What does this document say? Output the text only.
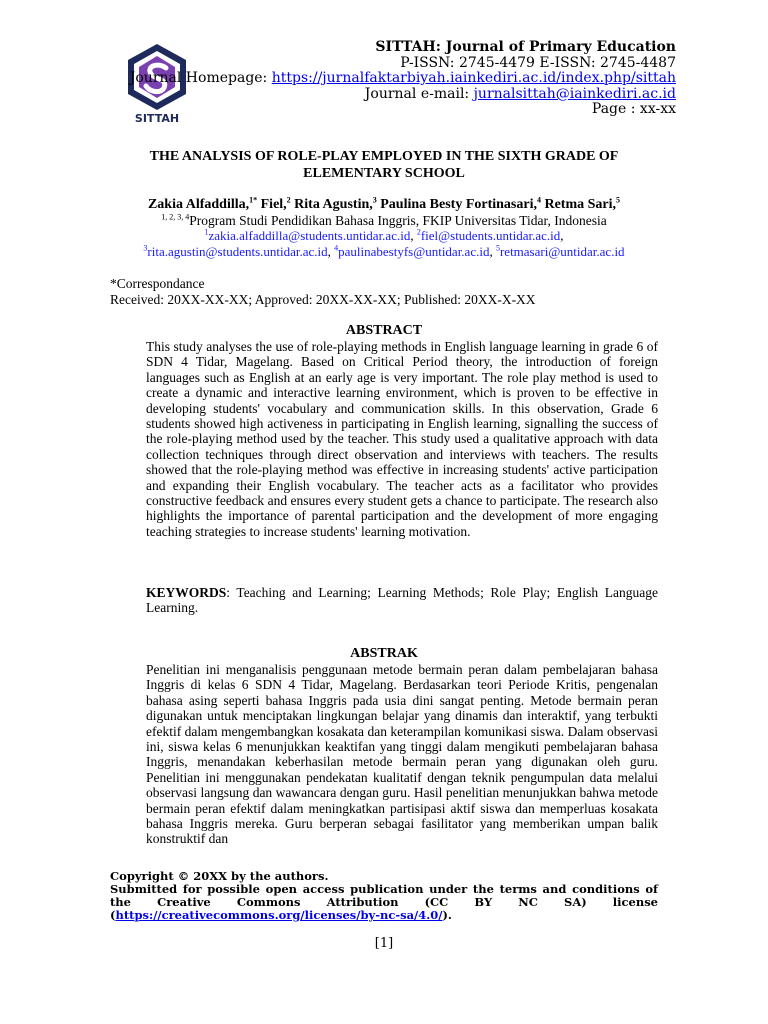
SITTAH
SITTAH: Journal of Primary Education
P-ISSN: 2745-4479 E-ISSN: 2745-4487
Journal Homepage: https://jurnalfaktarbiyah.iainkediri.ac.id/index.php/sittah
Journal e-mail: jurnalsittah@iainkediri.ac.id
Page : xx-xx
THE ANALYSIS OF ROLE-PLAY EMPLOYED IN THE SIXTH GRADE OF
ELEMENTARY SCHOOL
Zakia Alfaddilla,$^{1*}$ Fiel,$^2$ Rita Agustin,$^3$ Paulina Besty Fortinasari,$^4$ Retma Sari,$^5$
$^{1, 2, 3, 4}$Program Studi Pendidikan Bahasa Inggris, FKIP Universitas Tidar, Indonesia
$^1$zakia.alfaddilla@students.untidar.ac.id, $^2$fiel@students.untidar.ac.id,
$^3$rita.agustin@students.untidar.ac.id, $^4$paulinabestyfs@untidar.ac.id, $^5$retmasari@untidar.ac.id
*Correspondance
Received: 20XX-XX-XX; Approved: 20XX-XX-XX; Published: 20XX-X-XX
ABSTRACT
This study analyses the use of role-playing methods in English language learning in grade 6 of SDN 4 Tidar, Magelang. Based on Critical Period theory, the introduction of foreign languages such as English at an early age is very important. The role play method is used to create a dynamic and interactive learning environment, which is proven to be effective in developing students' vocabulary and communication skills. In this observation, Grade 6 students showed high activeness in participating in English learning, signalling the success of the role-playing method used by the teacher. This study used a qualitative approach with data collection techniques through direct observation and interviews with teachers. The results showed that the role-playing method was effective in increasing students' active participation and expanding their English vocabulary. The teacher acts as a facilitator who provides constructive feedback and ensures every student gets a chance to participate. The research also highlights the importance of parental participation and the development of more engaging teaching strategies to increase students' learning motivation.
KEYWORDS: Teaching and Learning; Learning Methods; Role Play; English Language Learning.
ABSTRAK
Penelitian ini menganalisis penggunaan metode bermain peran dalam pembelajaran bahasa Inggris di kelas 6 SDN 4 Tidar, Magelang. Berdasarkan teori Periode Kritis, pengenalan bahasa asing seperti bahasa Inggris pada usia dini sangat penting. Metode bermain peran digunakan untuk menciptakan lingkungan belajar yang dinamis dan interaktif, yang terbukti efektif dalam mengembangkan kosakata dan keterampilan komunikasi siswa. Dalam observasi ini, siswa kelas 6 menunjukkan keaktifan yang tinggi dalam mengikuti pembelajaran bahasa Inggris, menandakan keberhasilan metode bermain peran yang digunakan oleh guru. Penelitian ini menggunakan pendekatan kualitatif dengan teknik pengumpulan data melalui observasi langsung dan wawancara dengan guru. Hasil penelitian menunjukkan bahwa metode bermain peran efektif dalam meningkatkan partisipasi aktif siswa dan memperluas kosakata bahasa Inggris mereka. Guru berperan sebagai fasilitator yang memberikan umpan balik konstruktif dan
Copyright © 20XX by the authors.
Submitted for possible open access publication under the terms and conditions of the Creative Commons Attribution (CC BY NC SA) license (https://creativecommons.org/licenses/by-nc-sa/4.0/).
[1]
